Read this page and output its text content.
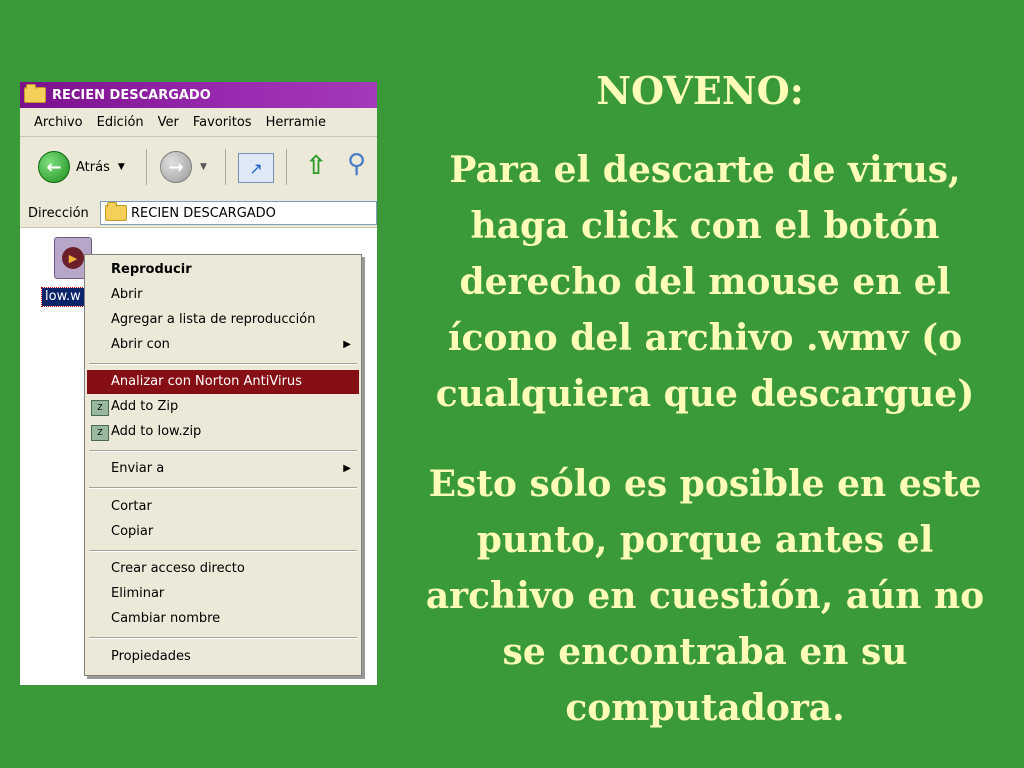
RECIEN DESCARGADO
Archivo Edición Ver Favoritos Herramie
←	Atrás ▼	→	▼	↗ ⇧ ⚲
Dirección	RECIEN DESCARGADO
▶
low.w
Reproducir
Abrir
Agregar a lista de reproducción
Abrir con	▶
Analizar con Norton AntiVirus
Z Add to Zip
Z Add to low.zip
Enviar a	▶
Cortar
Copiar
Crear acceso directo
Eliminar
Cambiar nombre
Propiedades
NOVENO:
Para el descarte de virus, haga click con el botón derecho del mouse en el ícono del archivo .wmv (o cualquiera que descargue)
Esto sólo es posible en este punto, porque antes el archivo en cuestión, aún no se encontraba en su computadora.
